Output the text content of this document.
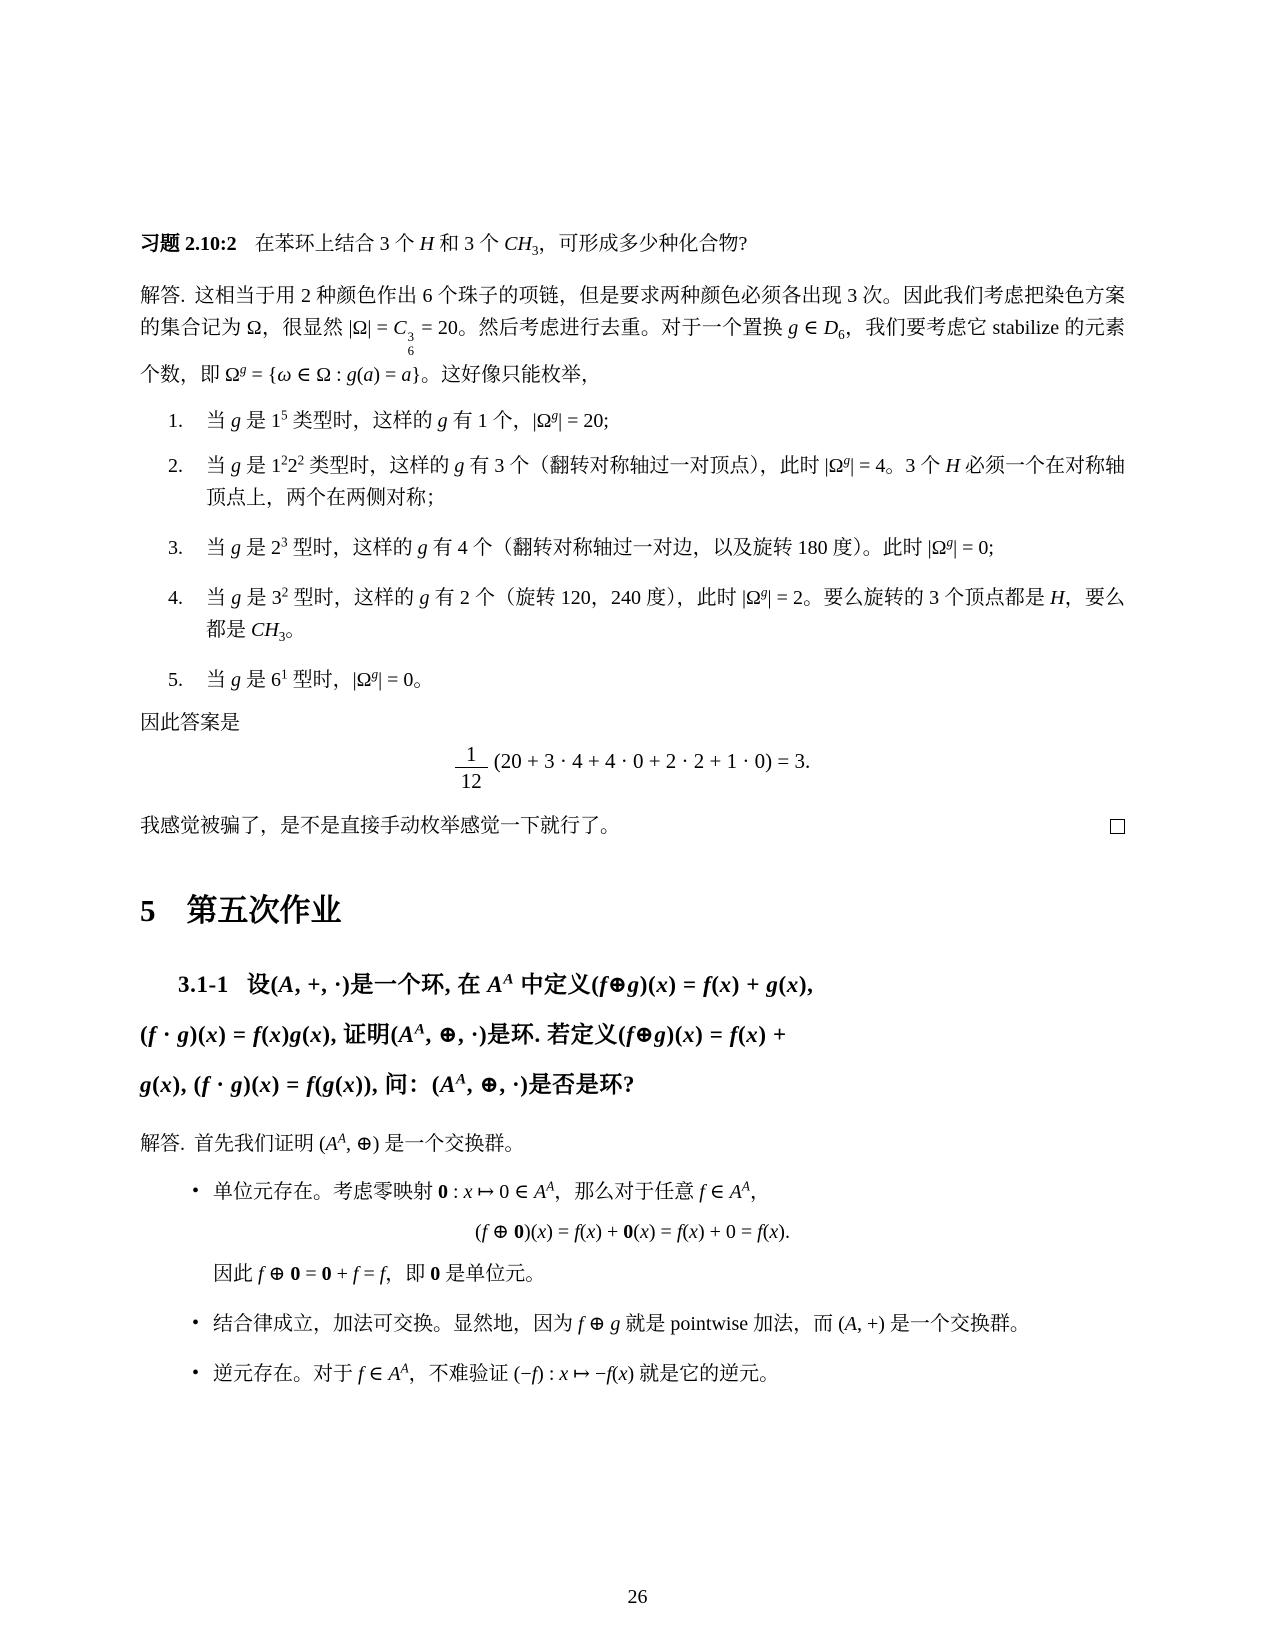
习题 2.10:2 在苯环上结合 3 个 H 和 3 个 $CH_3$，可形成多少种化合物?

解答. 这相当于用 2 种颜色作出 6 个珠子的项链，但是要求两种颜色必须各出现 3 次。因此我们考虑把染色方案的集合记为 Ω，很显然 |Ω| = C 3
6
= 20。然后考虑进行去重。对于一个置换 g ∈ $D_6$，我们要考虑它 stabilize 的元素个数，即 $\Omega^g = \{\omega$ ∈ Ω : g(a) = a}。这好像只能枚举，

1. 当 g 是 $1^5$ 类型时，这样的 g 有 1 个，$|\Omega^g| = 20$;
2. 当 g 是 $1^22^2$ 类型时，这样的 g 有 3 个（翻转对称轴过一对顶点），此时 $|\Omega^g| = 4$。3 个 H 必须一个在对称轴顶点上，两个在两侧对称；
3. 当 g 是 $2^3$ 型时，这样的 g 有 4 个（翻转对称轴过一对边，以及旋转 180 度）。此时 $|\Omega^g| = 0$;
4. 当 g 是 $3^2$ 型时，这样的 g 有 2 个（旋转 120，240 度），此时 $|\Omega^g| = 2$。要么旋转的 3 个顶点都是 H，要么都是 $CH_3$。
5. 当 g 是 $6^1$ 型时，$|\Omega^g| = 0$。

因此答案是

$\frac{1}{12} (20 + 3 \cdot 4 + 4 \cdot 0 + 2 \cdot 2 + 1 \cdot 0) = 3$.

我感觉被骗了，是不是直接手动枚举感觉一下就行了。

5 第五次作业

3.1-1 设(A, +, ·)是一个环, 在 $A^A$ 中定义(f⊕g)(x) = f(x) + g(x),

(f · g)(x) = f(x)g(x), 证明($A^A$, ⊕, ·)是环. 若定义(f⊕g)(x) = f(x) +

g(x), (f · g)(x) = f(g(x)), 问：($A^A$, ⊕, ·)是否是环?

解答. 首先我们证明 ($A^A$, ⊕) 是一个交换群。

• 单位元存在。考虑零映射 0 : x ↦ 0 ∈ $A^A$，那么对于任意 f ∈ $A^A$，

(f ⊕ 0)(x) = f(x) + 0(x) = f(x) + 0 = f(x).

因此 f ⊕ 0 = 0 + f = f，即 0 是单位元。

• 结合律成立，加法可交换。显然地，因为 f ⊕ g 就是 pointwise 加法，而 (A, +) 是一个交换群。

• 逆元存在。对于 f ∈ $A^A$，不难验证 (−f) : x ↦ −f(x) 就是它的逆元。

26
